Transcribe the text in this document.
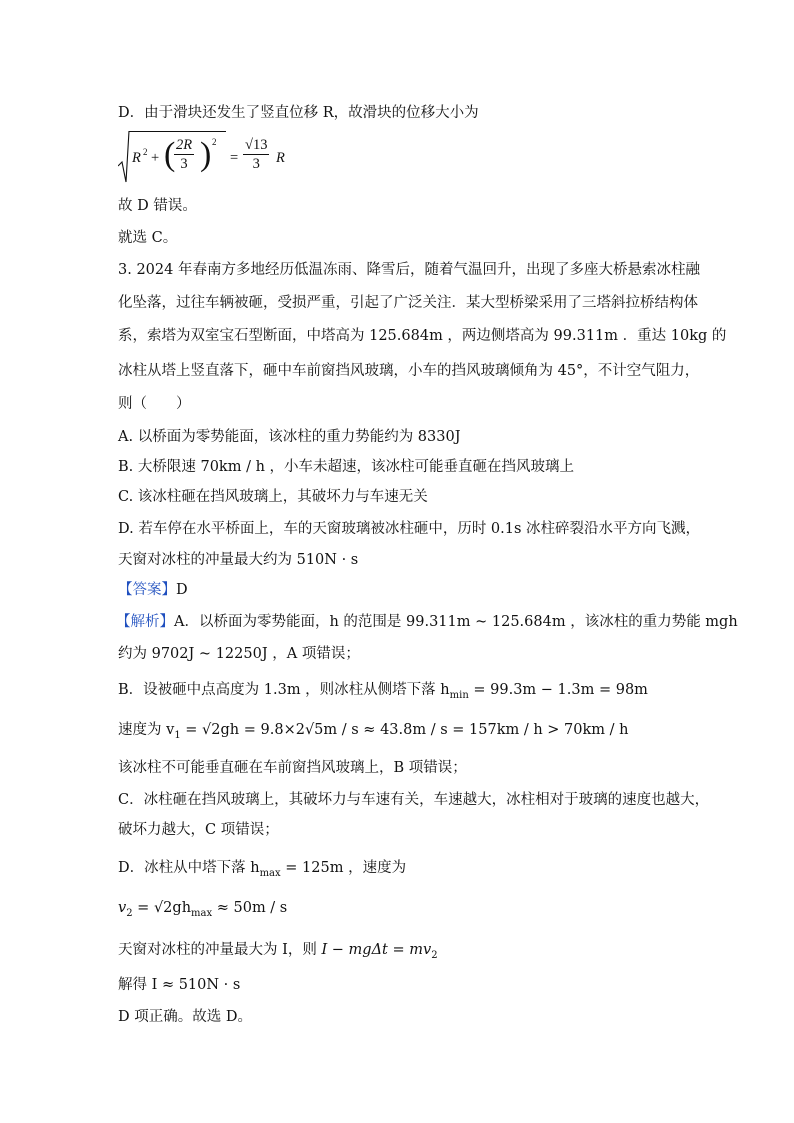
D．由于滑块还发生了竖直位移 R，故滑块的位移大小为
R 2 + (
$\frac{2R}{3}$ ) 2
= $\frac{√13}{3}$ R
故 D 错误。
就选 C。
3. 2024 年春南方多地经历低温冻雨、降雪后，随着气温回升，出现了多座大桥悬索冰柱融
化坠落，过往车辆被砸，受损严重，引起了广泛关注．某大型桥梁采用了三塔斜拉桥结构体
系，索塔为双室宝石型断面，中塔高为 125.684m ，两边侧塔高为 99.311m ．重达 10kg 的
冰柱从塔上竖直落下，砸中车前窗挡风玻璃，小车的挡风玻璃倾角为 45°，不计空气阻力，
则（　　）
A. 以桥面为零势能面，该冰柱的重力势能约为 8330J
B. 大桥限速 70km / h ，小车未超速，该冰柱可能垂直砸在挡风玻璃上
C. 该冰柱砸在挡风玻璃上，其破坏力与车速无关
D. 若车停在水平桥面上，车的天窗玻璃被冰柱砸中，历时 0.1s 冰柱碎裂沿水平方向飞溅，
天窗对冰柱的冲量最大约为 510N · s
【答案】D
【解析】A．以桥面为零势能面，h 的范围是 99.311m ~ 125.684m ，该冰柱的重力势能 mgh
约为 9702J ~ 12250J ，A 项错误；
B．设被砸中点高度为 1.3m ，则冰柱从侧塔下落 $h_{min} = 99.3m - 1.3m = 98m$
速度为 $v_1 = √2gh = 9.8\times 2√5m / s \approx 43.8m / s = 157km / h > 70km / h$
该冰柱不可能垂直砸在车前窗挡风玻璃上，B 项错误；
C．冰柱砸在挡风玻璃上，其破坏力与车速有关，车速越大，冰柱相对于玻璃的速度也越大，
破坏力越大，C 项错误；
D．冰柱从中塔下落 $h_{max} = 125m$ ，速度为
$v_2 = √2gh_{max} \approx 50m / s$
天窗对冰柱的冲量最大为 I，则 $I - mg\Delta t = mv_2$
解得 I ≈ 510N · s
D 项正确。故选 D。
